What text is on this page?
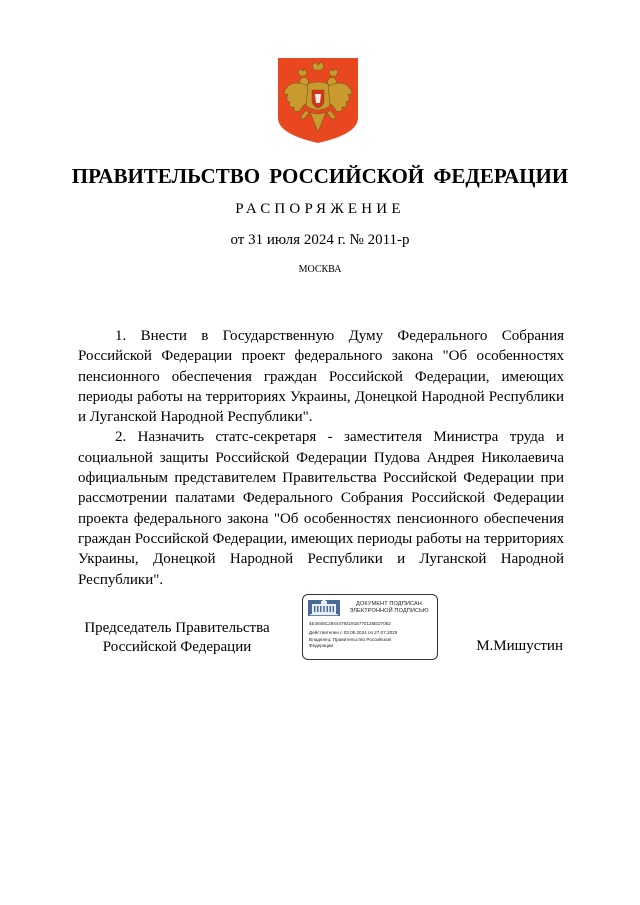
ПРАВИТЕЛЬСТВО РОССИЙСКОЙ ФЕДЕРАЦИИ
РАСПОРЯЖЕНИЕ
от 31 июля 2024 г. № 2011-р
МОСКВА

1. Внести в Государственную Думу Федерального Собрания Российской Федерации проект федерального закона "Об особенностях пенсионного обеспечения граждан Российской Федерации, имеющих периоды работы на территориях Украины, Донецкой Народной Республики и Луганской Народной Республики".

2. Назначить статс-секретаря - заместителя Министра труда и социальной защиты Российской Федерации Пудова Андрея Николаевича официальным представителем Правительства Российской Федерации при рассмотрении палатами Федерального Собрания Российской Федерации проекта федерального закона "Об особенностях пенсионного обеспечения граждан Российской Федерации, имеющих периоды работы на территориях Украины, Донецкой Народной Республики и Луганской Народной Республики".

Председатель Правительства
Российской Федерации
ДОКУМЕНТ ПОДПИСАН
ЭЛЕКТРОННОЙ ПОДПИСЬЮ
4E4848C284447931918770126ED7062
Действителен с 03.05.2024 по 27.07.2025
Владелец: Правительство Российской
Федерации	М.Мишустин
